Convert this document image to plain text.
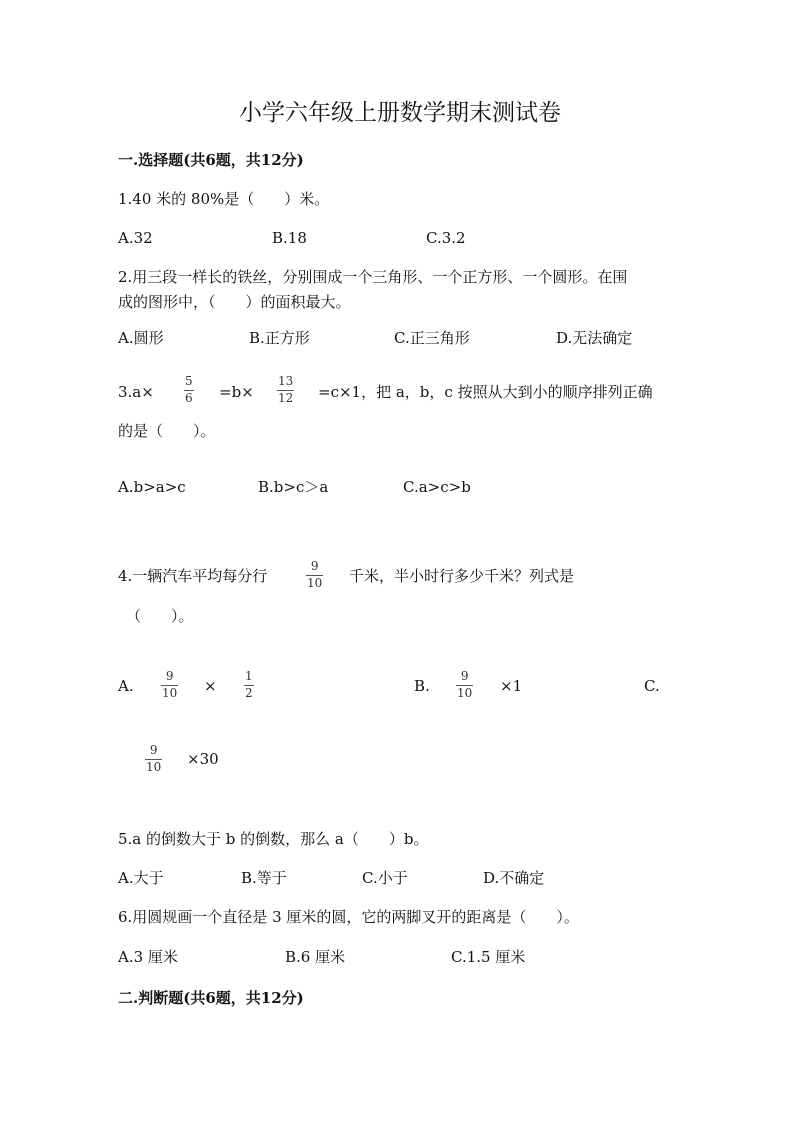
小学六年级上册数学期末测试卷
一.选择题(共6题，共12分)
1.40 米的 80%是（　　）米。
A.32	B.18	C.3.2
2.用三段一样长的铁丝，分别围成一个三角形、一个正方形、一个圆形。在围
成的图形中，（　　）的面积最大。
A.圆形	B.正方形	C.正三角形	D.无法确定
3.a×
5
6 =b×
13
12 =c×1，把 a，b，c 按照从大到小的顺序排列正确
的是（　　）。
A.b>a>c	B.b>c＞a	C.a>c>b
4.一辆汽车平均每分行
9
10 千米，半小时行多少千米？列式是
（　　）。
A.
9
10 ×
1
2	B.
9
10 ×1	C.
9
10 ×30
5.a 的倒数大于 b 的倒数，那么 a（　　）b。
A.大于	B.等于	C.小于	D.不确定
6.用圆规画一个直径是 3 厘米的圆，它的两脚叉开的距离是（　　）。
A.3 厘米	B.6 厘米	C.1.5 厘米
二.判断题(共6题，共12分)
